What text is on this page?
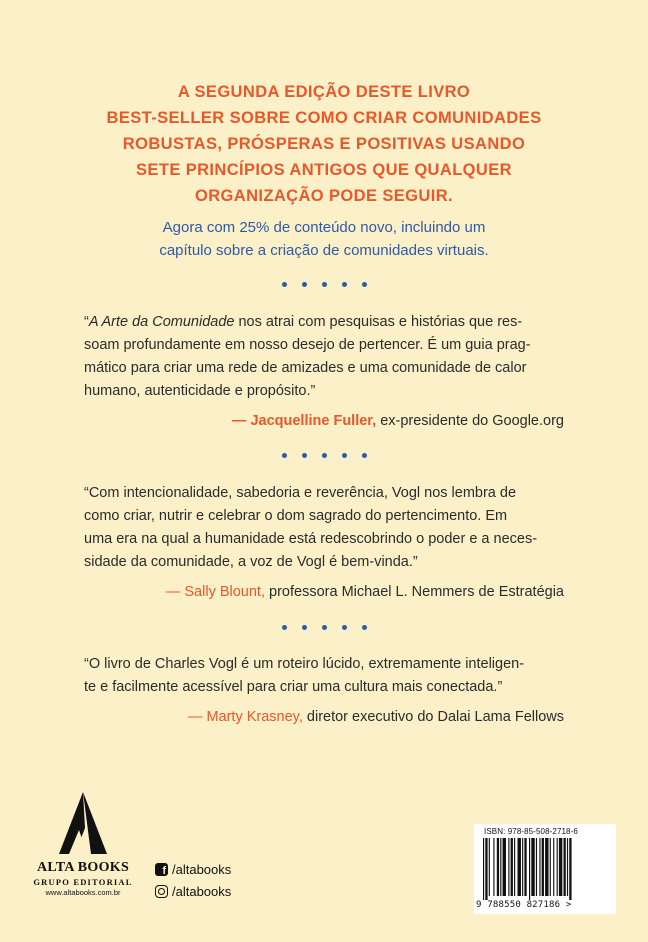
A SEGUNDA EDIÇÃO DESTE LIVRO
BEST-SELLER SOBRE COMO CRIAR COMUNIDADES
ROBUSTAS, PRÓSPERAS E POSITIVAS USANDO
SETE PRINCÍPIOS ANTIGOS QUE QUALQUER
ORGANIZAÇÃO PODE SEGUIR.
Agora com 25% de conteúdo novo, incluindo um
capítulo sobre a criação de comunidades virtuais.
“A Arte da Comunidade nos atrai com pesquisas e histórias que res-
soam profundamente em nosso desejo de pertencer. É um guia prag-
mático para criar uma rede de amizades e uma comunidade de calor
humano, autenticidade e propósito.”
— Jacquelline Fuller, ex-presidente do Google.org
“Com intencionalidade, sabedoria e reverência, Vogl nos lembra de
como criar, nutrir e celebrar o dom sagrado do pertencimento. Em
uma era na qual a humanidade está redescobrindo o poder e a neces-
sidade da comunidade, a voz de Vogl é bem-vinda.”
— Sally Blount, professora Michael L. Nemmers de Estratégia
“O livro de Charles Vogl é um roteiro lúcido, extremamente inteligen-
te e facilmente acessível para criar uma cultura mais conectada.”
— Marty Krasney, diretor executivo do Dalai Lama Fellows
ALTA BOOKS
GRUPO EDITORIAL
www.altabooks.com.br
f
/altabooks
/altabooks
ISBN: 978-85-508-2718-6
9 788550 827186 >
